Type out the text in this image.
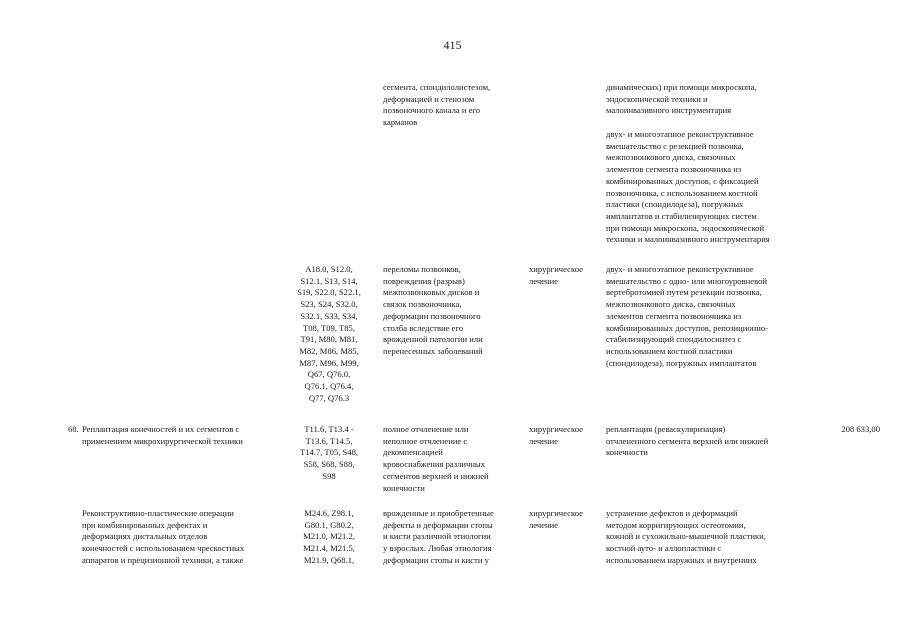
415

сегмента, спондилолистезом,
деформацией и стенозом
позвоночного канала и его
карманов

динамических) при помощи микроскопа,
эндоскопической техники и
малоинвазивного инструментария

двух- и многоэтапное реконструктивное
вмешательство с резекцией позвонка,
межпозвонкового диска, связочных
элементов сегмента позвоночника из
комбинированных доступов, с фиксацией
позвоночника, с использованием костной
пластики (спондилодеза), погружных
имплантатов и стабилизирующих систем
при помощи микроскопа, эндоскопической
техники и малоинвазивного инструментария

A18.0, S12.0,
S12.1, S13, S14,
S19, S22.0, S22.1,
S23, S24, S32.0,
S32.1, S33, S34,
T08, T09, T85,
T91, M80, M81,
M82, M86, M85,
M87, M96, M99,
Q67, Q76.0,
Q76.1, Q76.4,
Q77, Q76.3

переломы позвонков,
повреждения (разрыв)
межпозвонковых дисков и
связок позвоночника,
деформации позвоночного
столба вследствие его
врожденной патологии или
перенесенных заболеваний

хирургическое
лечение

двух- и многоэтапное реконструктивное
вмешательство с одно- или многоуровневой
вертебротомией путем резекции позвонка,
межпозвонкового диска, связочных
элементов сегмента позвоночника из
комбинированных доступов, репозиционно-
стабилизирующий спондилосинтез с
использованием костной пластики
(спондилодеза), погружных имплантатов

68. Реплантация конечностей и их сегментов с
применением микрохирургической техники

T11.6, T13.4 -
T13.6, T14.5,
T14.7, T05, S48,
S58, S68, S88,
S98

полное отчленение или
неполное отчленение с
декомпенсацией
кровоснабжения различных
сегментов верхней и нижней
конечности

хирургическое
лечение

реплантация (реваскуляризация)
отчлененного сегмента верхней или нижней
конечности

208 633,00

Реконструктивно-пластические операции
при комбинированных дефектах и
деформациях дистальных отделов
конечностей с использованием чрескостных
аппаратов и прецизионной техники, а также

M24.6, Z98.1,
G80.1, G80.2,
M21.0, M21.2,
M21.4, M21.5,
M21.9, Q68.1,

врожденные и приобретенные
дефекты и деформации стопы
и кисти различной этиологии
у взрослых. Любая этиология
деформации стопы и кисти у

хирургическое
лечение

устранение дефектов и деформаций
методом корригирующих остеотомии,
кожной и сухожильно-мышечной пластики,
костной ауто- и аллопластики с
использованием наружных и внутренних
